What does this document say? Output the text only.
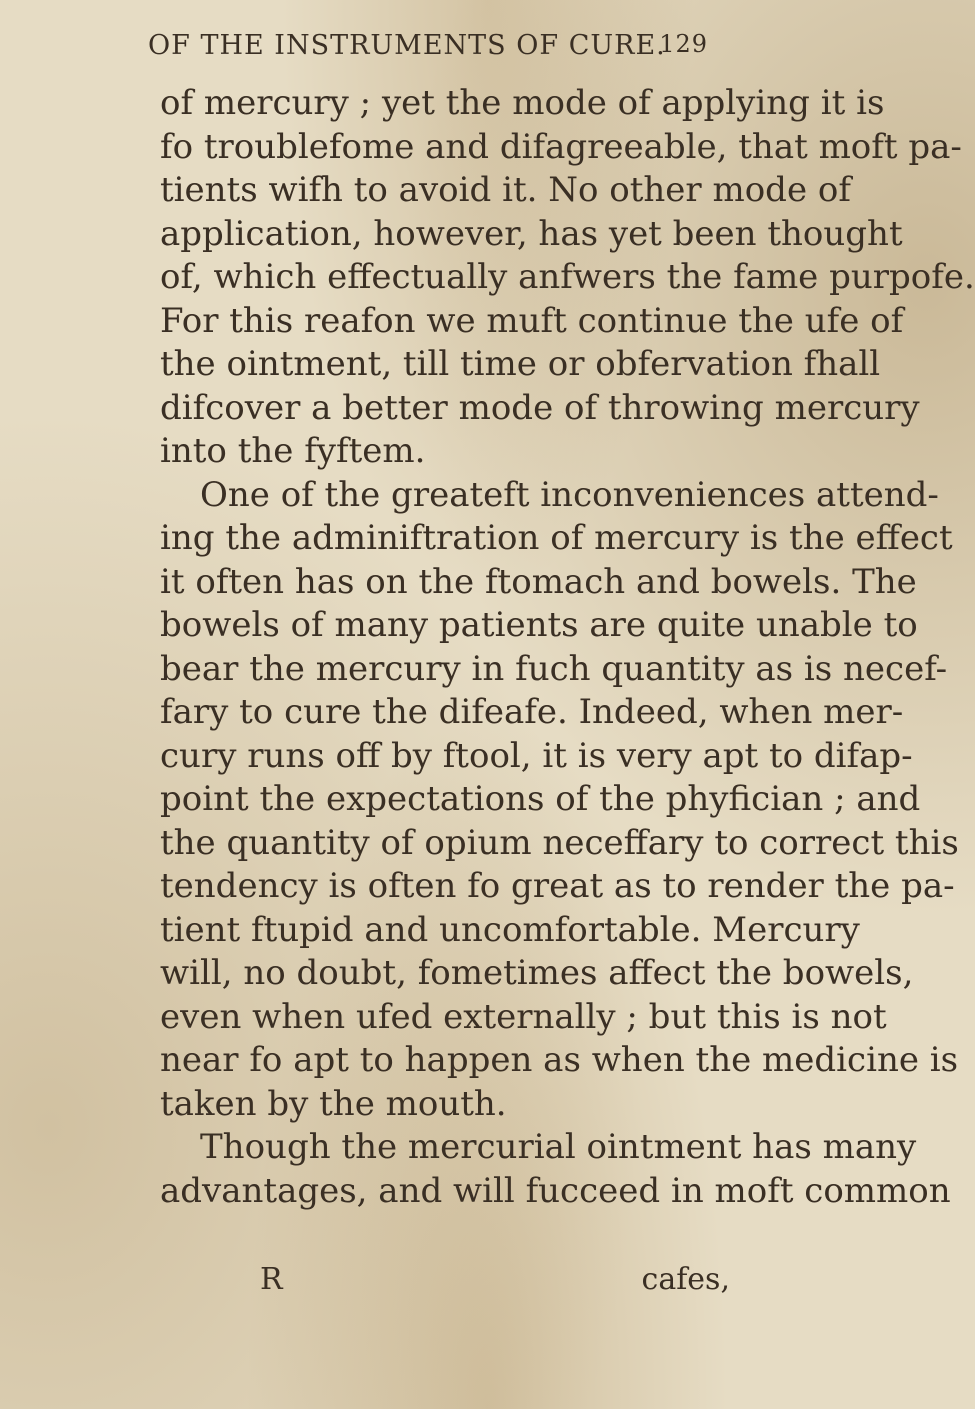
OF THE INSTRUMENTS OF CURE.
129
of mercury ; yet the mode of applying it is
fo troublefome and difagreeable, that moft pa-
tients wifh to avoid it. No other mode of
application, however, has yet been thought
of, which effectually anfwers the fame purpofe.
For this reafon we muft continue the ufe of
the ointment, till time or obfervation fhall
difcover a better mode of throwing mercury
into the fyftem.
One of the greateft inconveniences attend-
ing the adminiftration of mercury is the effect
it often has on the ftomach and bowels. The
bowels of many patients are quite unable to
bear the mercury in fuch quantity as is necef-
fary to cure the difeafe. Indeed, when mer-
cury runs off by ftool, it is very apt to difap-
point the expectations of the phyfician ; and
the quantity of opium neceffary to correct this
tendency is often fo great as to render the pa-
tient ftupid and uncomfortable. Mercury
will, no doubt, fometimes affect the bowels,
even when ufed externally ; but this is not
near fo apt to happen as when the medicine is
taken by the mouth.
Though the mercurial ointment has many
advantages, and will fucceed in moft common
R	cafes,
